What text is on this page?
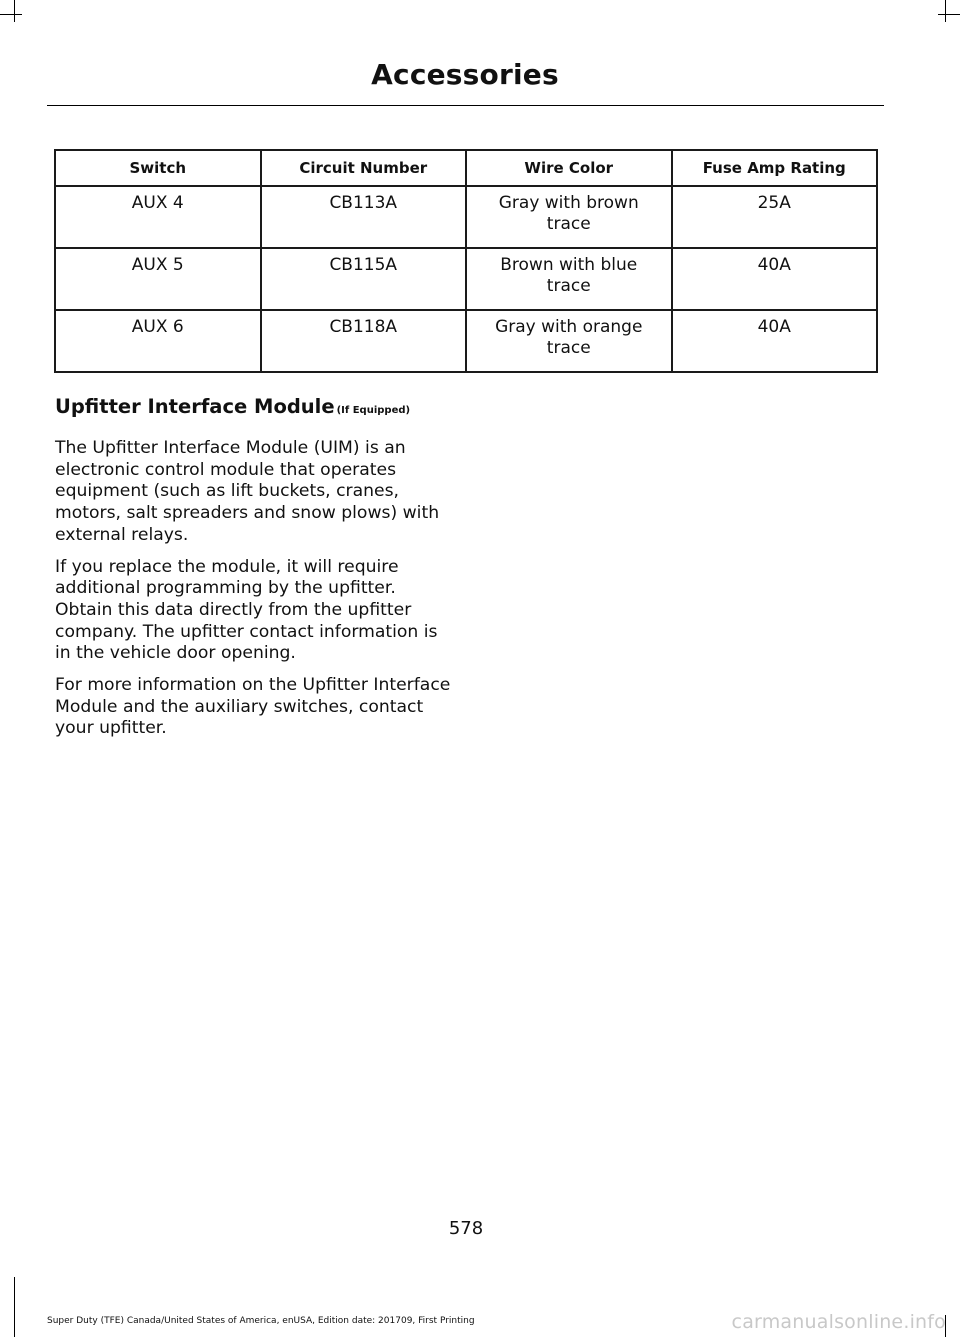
Accessories
Switch	Circuit Number	Wire Color	Fuse Amp Rating
AUX 4	CB113A	Gray with brown trace	25A
AUX 5	CB115A	Brown with blue trace	40A
AUX 6	CB118A	Gray with orange trace	40A
Upfitter Interface Module (If Equipped)

The Upfitter Interface Module (UIM) is an electronic control module that operates equipment (such as lift buckets, cranes, motors, salt spreaders and snow plows) with external relays.

If you replace the module, it will require additional programming by the upfitter. Obtain this data directly from the upfitter company. The upfitter contact information is in the vehicle door opening.

For more information on the Upfitter Interface Module and the auxiliary switches, contact your upfitter.

578
Super Duty (TFE) Canada/United States of America, enUSA, Edition date: 201709, First Printing	carmanualsonline.info
